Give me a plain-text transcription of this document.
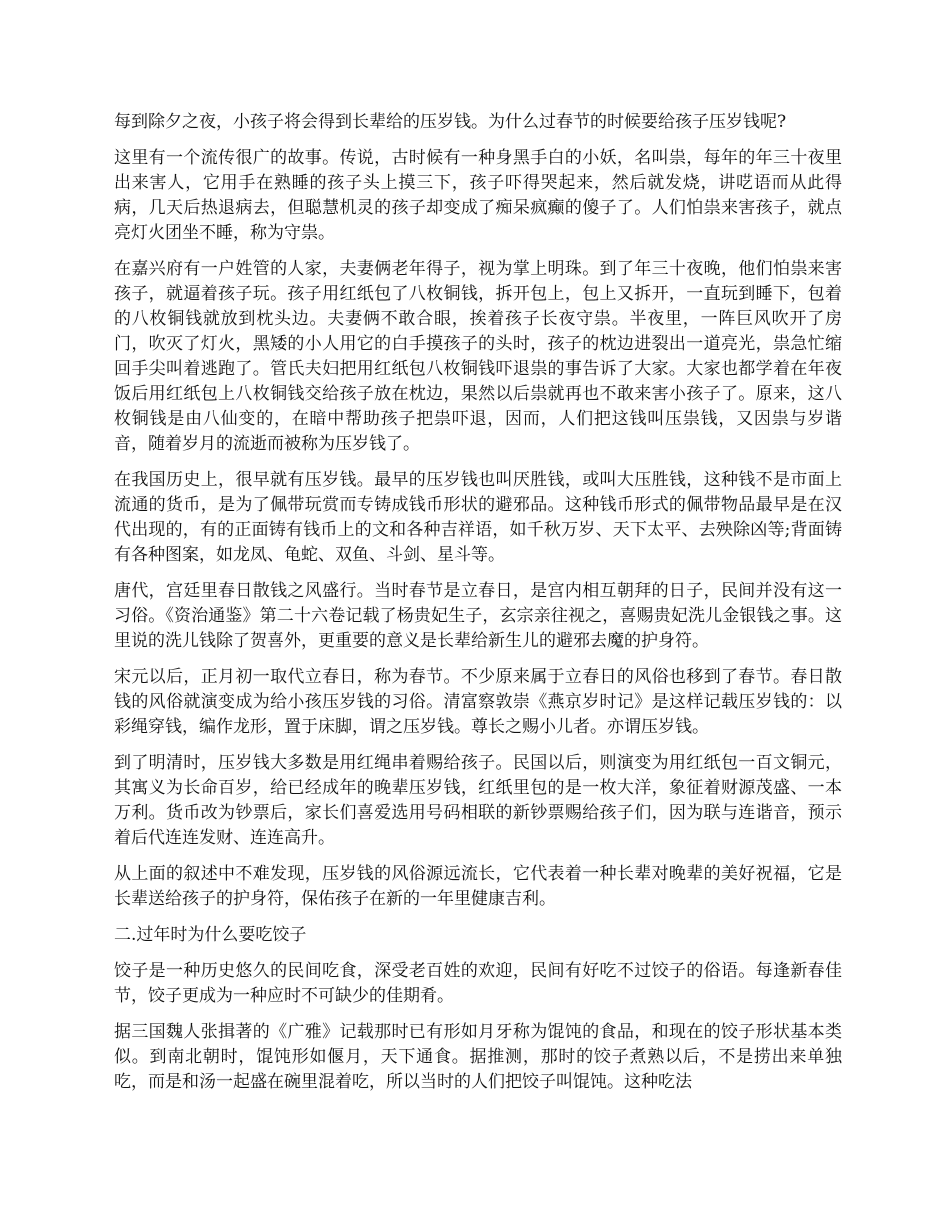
每到除夕之夜，小孩子将会得到长辈给的压岁钱。为什么过春节的时候要给孩子压岁钱呢?

这里有一个流传很广的故事。传说，古时候有一种身黑手白的小妖，名叫祟，每年的年三十夜里出来害人，它用手在熟睡的孩子头上摸三下，孩子吓得哭起来，然后就发烧，讲呓语而从此得病，几天后热退病去，但聪慧机灵的孩子却变成了痴呆疯癫的傻子了。人们怕祟来害孩子，就点亮灯火团坐不睡，称为守祟。

在嘉兴府有一户姓管的人家，夫妻俩老年得子，视为掌上明珠。到了年三十夜晚，他们怕祟来害孩子，就逼着孩子玩。孩子用红纸包了八枚铜钱，拆开包上，包上又拆开，一直玩到睡下，包着的八枚铜钱就放到枕头边。夫妻俩不敢合眼，挨着孩子长夜守祟。半夜里，一阵巨风吹开了房门，吹灭了灯火，黑矮的小人用它的白手摸孩子的头时，孩子的枕边进裂出一道亮光，祟急忙缩回手尖叫着逃跑了。管氏夫妇把用红纸包八枚铜钱吓退祟的事告诉了大家。大家也都学着在年夜饭后用红纸包上八枚铜钱交给孩子放在枕边，果然以后祟就再也不敢来害小孩子了。原来，这八枚铜钱是由八仙变的，在暗中帮助孩子把祟吓退，因而，人们把这钱叫压祟钱，又因祟与岁谐音，随着岁月的流逝而被称为压岁钱了。

在我国历史上，很早就有压岁钱。最早的压岁钱也叫厌胜钱，或叫大压胜钱，这种钱不是市面上流通的货币，是为了佩带玩赏而专铸成钱币形状的避邪品。这种钱币形式的佩带物品最早是在汉代出现的，有的正面铸有钱币上的文和各种吉祥语，如千秋万岁、天下太平、去殃除凶等;背面铸有各种图案，如龙凤、龟蛇、双鱼、斗剑、星斗等。

唐代，宫廷里春日散钱之风盛行。当时春节是立春日，是宫内相互朝拜的日子，民间并没有这一习俗。《资治通鉴》第二十六卷记载了杨贵妃生子，玄宗亲往视之，喜赐贵妃洗儿金银钱之事。这里说的洗儿钱除了贺喜外，更重要的意义是长辈给新生儿的避邪去魔的护身符。

宋元以后，正月初一取代立春日，称为春节。不少原来属于立春日的风俗也移到了春节。春日散钱的风俗就演变成为给小孩压岁钱的习俗。清富察敦崇《燕京岁时记》是这样记载压岁钱的：以彩绳穿钱，编作龙形，置于床脚，谓之压岁钱。尊长之赐小儿者。亦谓压岁钱。

到了明清时，压岁钱大多数是用红绳串着赐给孩子。民国以后，则演变为用红纸包一百文铜元，其寓义为长命百岁，给已经成年的晚辈压岁钱，红纸里包的是一枚大洋，象征着财源茂盛、一本万利。货币改为钞票后，家长们喜爱选用号码相联的新钞票赐给孩子们，因为联与连谐音，预示着后代连连发财、连连高升。

从上面的叙述中不难发现，压岁钱的风俗源远流长，它代表着一种长辈对晚辈的美好祝福，它是长辈送给孩子的护身符，保佑孩子在新的一年里健康吉利。

二.过年时为什么要吃饺子

饺子是一种历史悠久的民间吃食，深受老百姓的欢迎，民间有好吃不过饺子的俗语。每逢新春佳节，饺子更成为一种应时不可缺少的佳期肴。

据三国魏人张揖著的《广雅》记载那时已有形如月牙称为馄饨的食品，和现在的饺子形状基本类似。到南北朝时，馄饨形如偃月，天下通食。据推测，那时的饺子煮熟以后，不是捞出来单独吃，而是和汤一起盛在碗里混着吃，所以当时的人们把饺子叫馄饨。这种吃法
